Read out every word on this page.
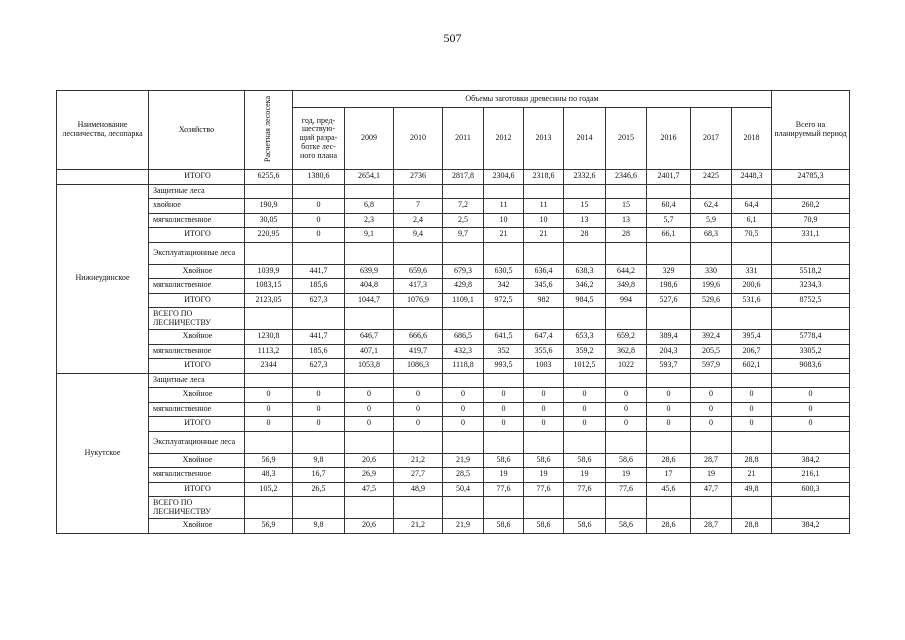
507
Наименование лесничества, лесопарка	Хозяйство	Расчетная лесосека	Объемы заготовки древесины по годам											Всего на планируемый период
			год, пред-шествую-щий разра-ботке лес-ного плана	2009	2010	2011	2012	2013	2014	2015	2016	2017	2018	
	ИТОГО	6255,6	1380,6	2654,1	2736	2817,8	2304,6	2318,6	2332,6	2346,6	2401,7	2425	2448,3	24785,3
Нижнеудинское	Защитные леса													
	хвойное	190,9	0	6,8	7	7,2	11	11	15	15	60,4	62,4	64,4	260,2
	мягколиственное	30,05	0	2,3	2,4	2,5	10	10	13	13	5,7	5,9	6,1	70,9
	ИТОГО	220,95	0	9,1	9,4	9,7	21	21	28	28	66,1	68,3	70,5	331,1
	Эксплуатационные леса													
	Хвойное	1039,9	441,7	639,9	659,6	679,3	630,5	636,4	638,3	644,2	329	330	331	5518,2
	мягколиственное	1083,15	185,6	404,8	417,3	429,8	342	345,6	346,2	349,8	198,6	199,6	200,6	3234,3
	ИТОГО	2123,05	627,3	1044,7	1076,9	1109,1	972,5	982	984,5	994	527,6	529,6	531,6	8752,5
	ВСЕГО ПО ЛЕСНИЧЕСТВУ													
	Хвойное	1230,8	441,7	646,7	666,6	686,5	641,5	647,4	653,3	659,2	389,4	392,4	395,4	5778,4
	мягколиственное	1113,2	185,6	407,1	419,7	432,3	352	355,6	359,2	362,8	204,3	205,5	206,7	3305,2
	ИТОГО	2344	627,3	1053,8	1086,3	1118,8	993,5	1003	1012,5	1022	593,7	597,9	602,1	9083,6
Нукутское	Защитные леса													
	Хвойное	0	0	0	0	0	0	0	0	0	0	0	0	0
	мягколиственное	0	0	0	0	0	0	0	0	0	0	0	0	0
	ИТОГО	0	0	0	0	0	0	0	0	0	0	0	0	0
	Эксплуатационные леса													
	Хвойное	56,9	9,8	20,6	21,2	21,9	58,6	58,6	58,6	58,6	28,6	28,7	28,8	384,2
	мягколиственное	48,3	16,7	26,9	27,7	28,5	19	19	19	19	17	19	21	216,1
	ИТОГО	105,2	26,5	47,5	48,9	50,4	77,6	77,6	77,6	77,6	45,6	47,7	49,8	600,3
	ВСЕГО ПО ЛЕСНИЧЕСТВУ													
	Хвойное	56,9	9,8	20,6	21,2	21,9	58,6	58,6	58,6	58,6	28,6	28,7	28,8	384,2
